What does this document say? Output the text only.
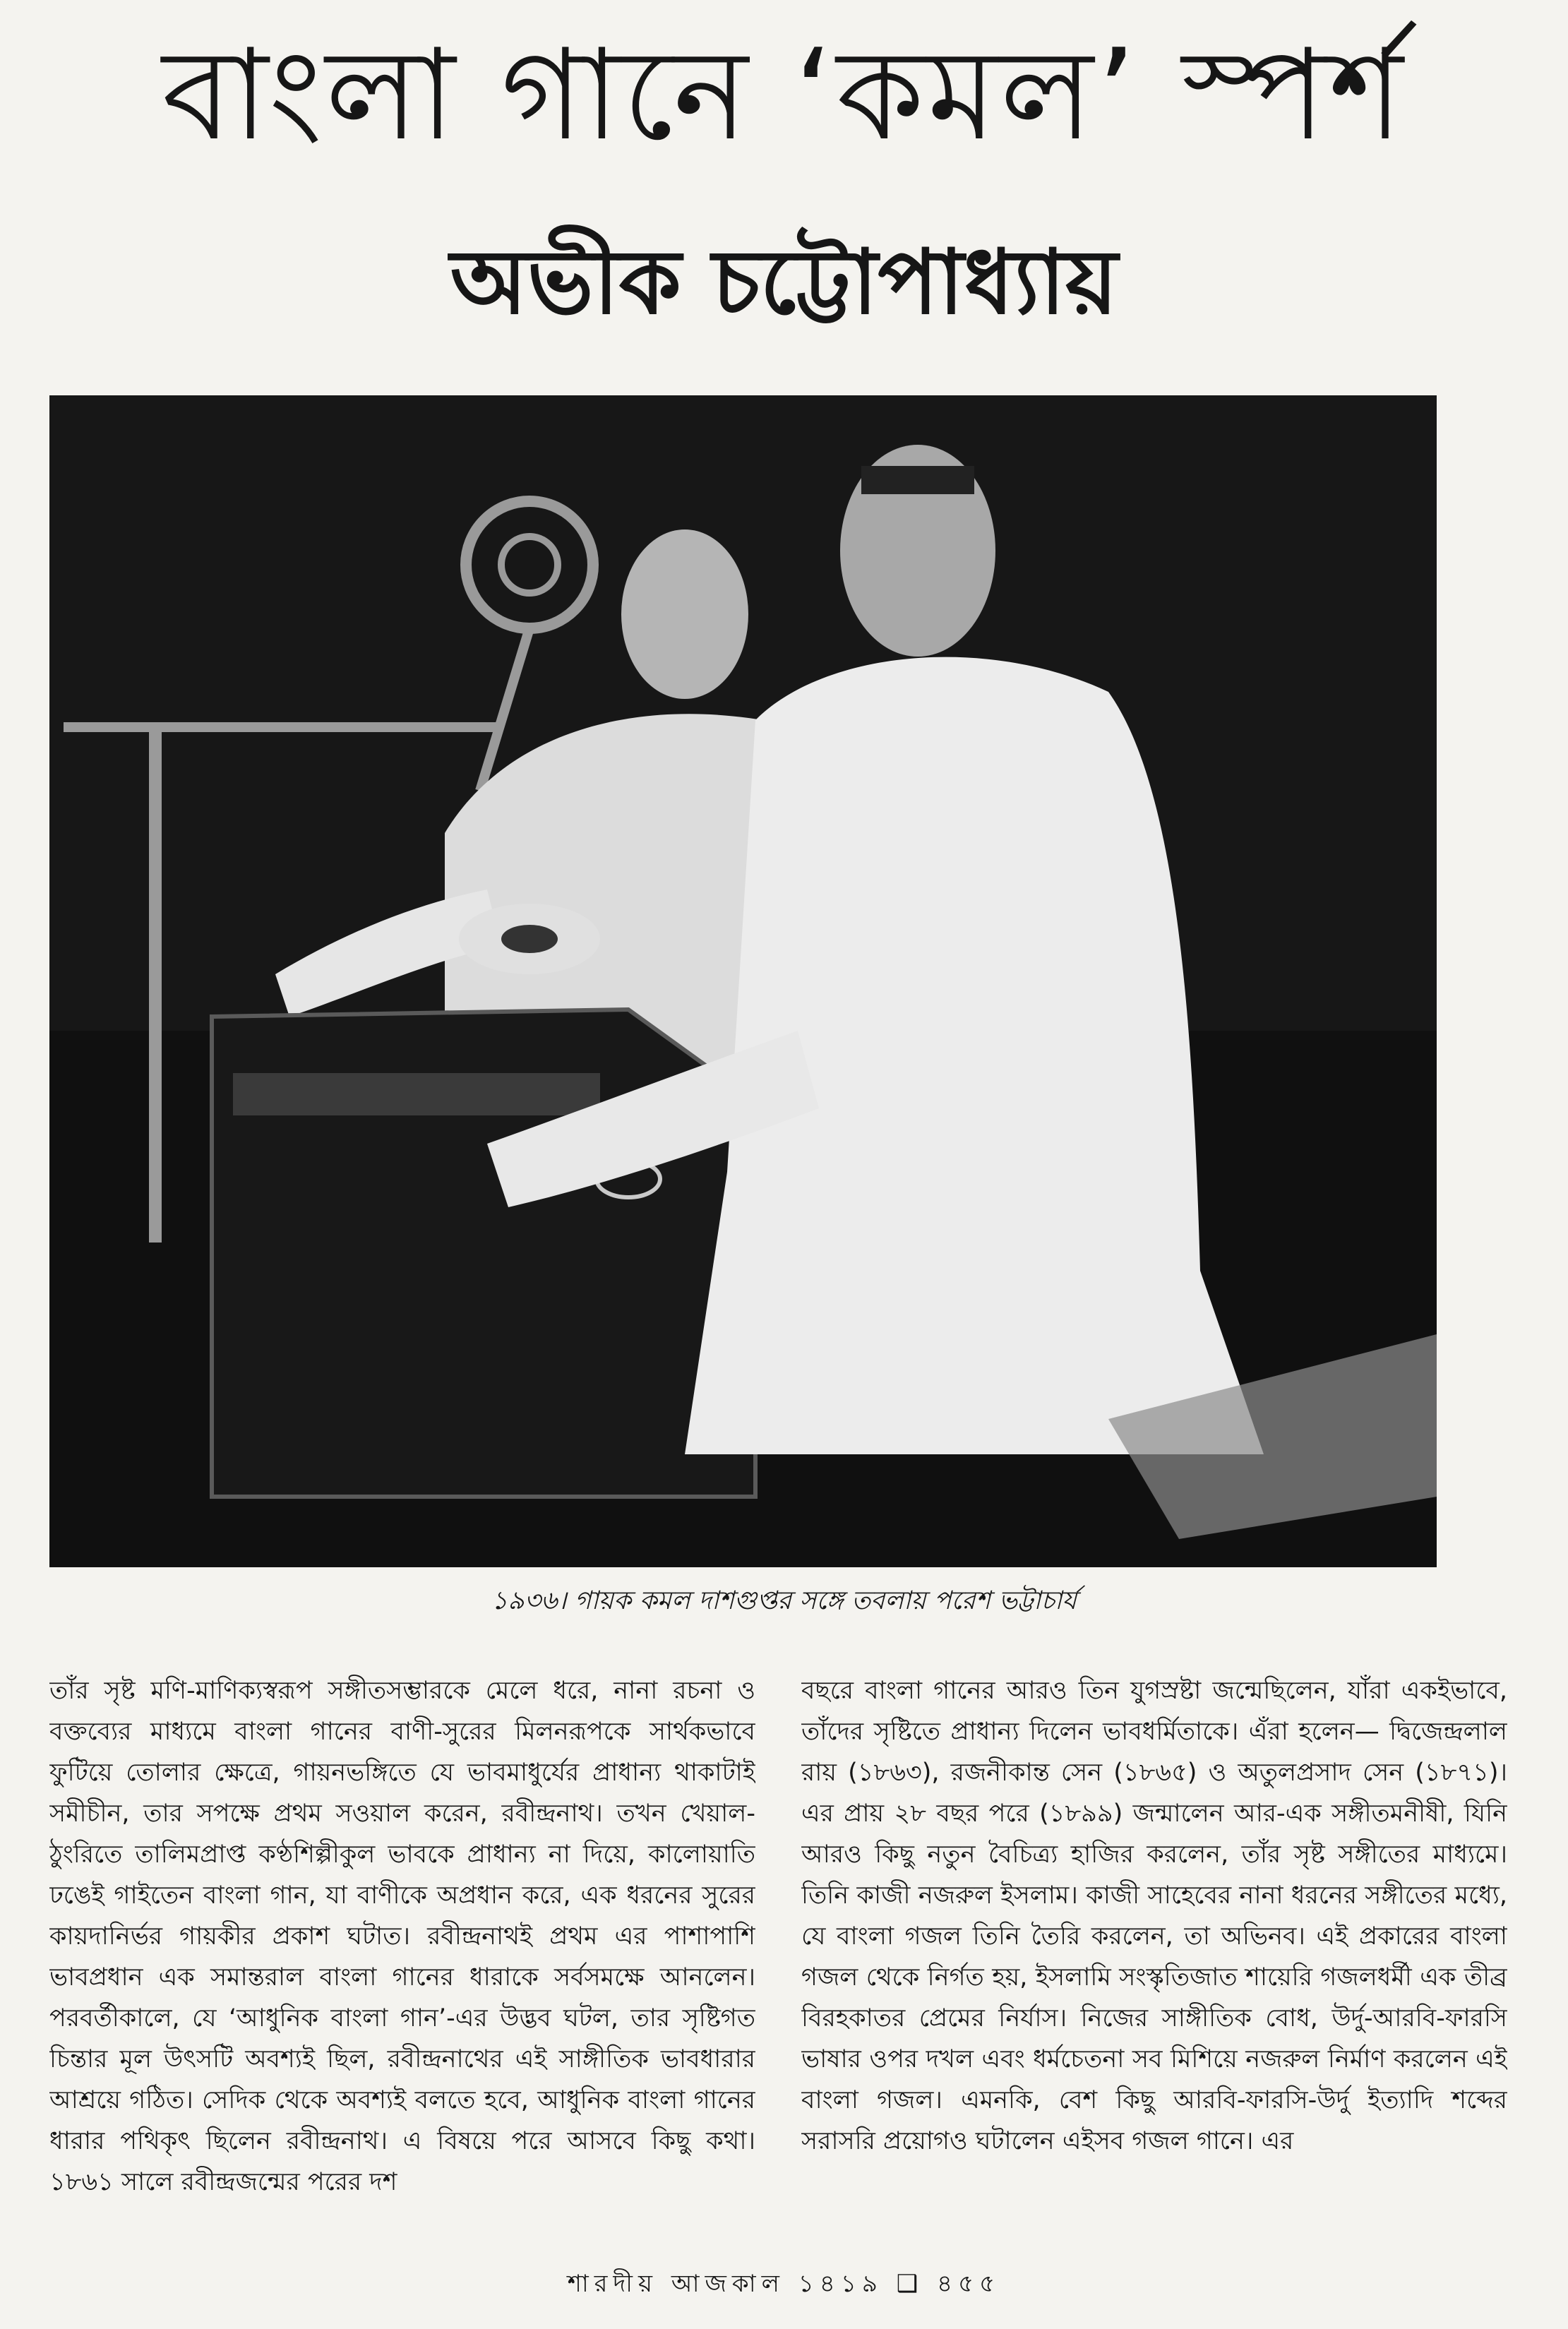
বাংলা গানে ‘কমল’ স্পর্শ
অভীক চট্টোপাধ্যায়
১৯৩৬। গায়ক কমল দাশগুপ্তর সঙ্গে তবলায় পরেশ ভট্টাচার্য

তাঁর সৃষ্ট মণি-মাণিক্যস্বরূপ সঙ্গীতসম্ভারকে মেলে ধরে, নানা রচনা ও বক্তব্যের মাধ্যমে বাংলা গানের বাণী-সুরের মিলনরূপকে সার্থকভাবে ফুটিয়ে তোলার ক্ষেত্রে, গায়নভঙ্গিতে যে ভাবমাধুর্যের প্রাধান্য থাকাটাই সমীচীন, তার সপক্ষে প্রথম সওয়াল করেন, রবীন্দ্রনাথ। তখন খেয়াল-ঠুংরিতে তালিমপ্রাপ্ত কণ্ঠশিল্পীকুল ভাবকে প্রাধান্য না দিয়ে, কালোয়াতি ঢঙেই গাইতেন বাংলা গান, যা বাণীকে অপ্রধান করে, এক ধরনের সুরের কায়দানির্ভর গায়কীর প্রকাশ ঘটাত। রবীন্দ্রনাথই প্রথম এর পাশাপাশি ভাবপ্রধান এক সমান্তরাল বাংলা গানের ধারাকে সর্বসমক্ষে আনলেন। পরবর্তীকালে, যে ‘আধুনিক বাংলা গান’-এর উদ্ভব ঘটল, তার সৃষ্টিগত চিন্তার মূল উৎসটি অবশ্যই ছিল, রবীন্দ্রনাথের এই সাঙ্গীতিক ভাবধারার আশ্রয়ে গঠিত। সেদিক থেকে অবশ্যই বলতে হবে, আধুনিক বাংলা গানের ধারার পথিকৃৎ ছিলেন রবীন্দ্রনাথ। এ বিষয়ে পরে আসবে কিছু কথা। ১৮৬১ সালে রবীন্দ্রজন্মের পরের দশ

বছরে বাংলা গানের আরও তিন যুগস্রষ্টা জন্মেছিলেন, যাঁরা একইভাবে, তাঁদের সৃষ্টিতে প্রাধান্য দিলেন ভাবধর্মিতাকে। এঁরা হলেন— দ্বিজেন্দ্রলাল রায় (১৮৬৩), রজনীকান্ত সেন (১৮৬৫) ও অতুলপ্রসাদ সেন (১৮৭১)। এর প্রায় ২৮ বছর পরে (১৮৯৯) জন্মালেন আর-এক সঙ্গীতমনীষী, যিনি আরও কিছু নতুন বৈচিত্র্য হাজির করলেন, তাঁর সৃষ্ট সঙ্গীতের মাধ্যমে। তিনি কাজী নজরুল ইসলাম। কাজী সাহেবের নানা ধরনের সঙ্গীতের মধ্যে, যে বাংলা গজল তিনি তৈরি করলেন, তা অভিনব। এই প্রকারের বাংলা গজল থেকে নির্গত হয়, ইসলামি সংস্কৃতিজাত শায়েরি গজলধর্মী এক তীব্র বিরহকাতর প্রেমের নির্যাস। নিজের সাঙ্গীতিক বোধ, উর্দু-আরবি-ফারসি ভাষার ওপর দখল এবং ধর্মচেতনা সব মিশিয়ে নজরুল নির্মাণ করলেন এই বাংলা গজল। এমনকি, বেশ কিছু আরবি-ফারসি-উর্দু ইত্যাদি শব্দের সরাসরি প্রয়োগও ঘটালেন এইসব গজল গানে। এর

শারদীয় আজকাল ১৪১৯ ❑ ৪৫৫
